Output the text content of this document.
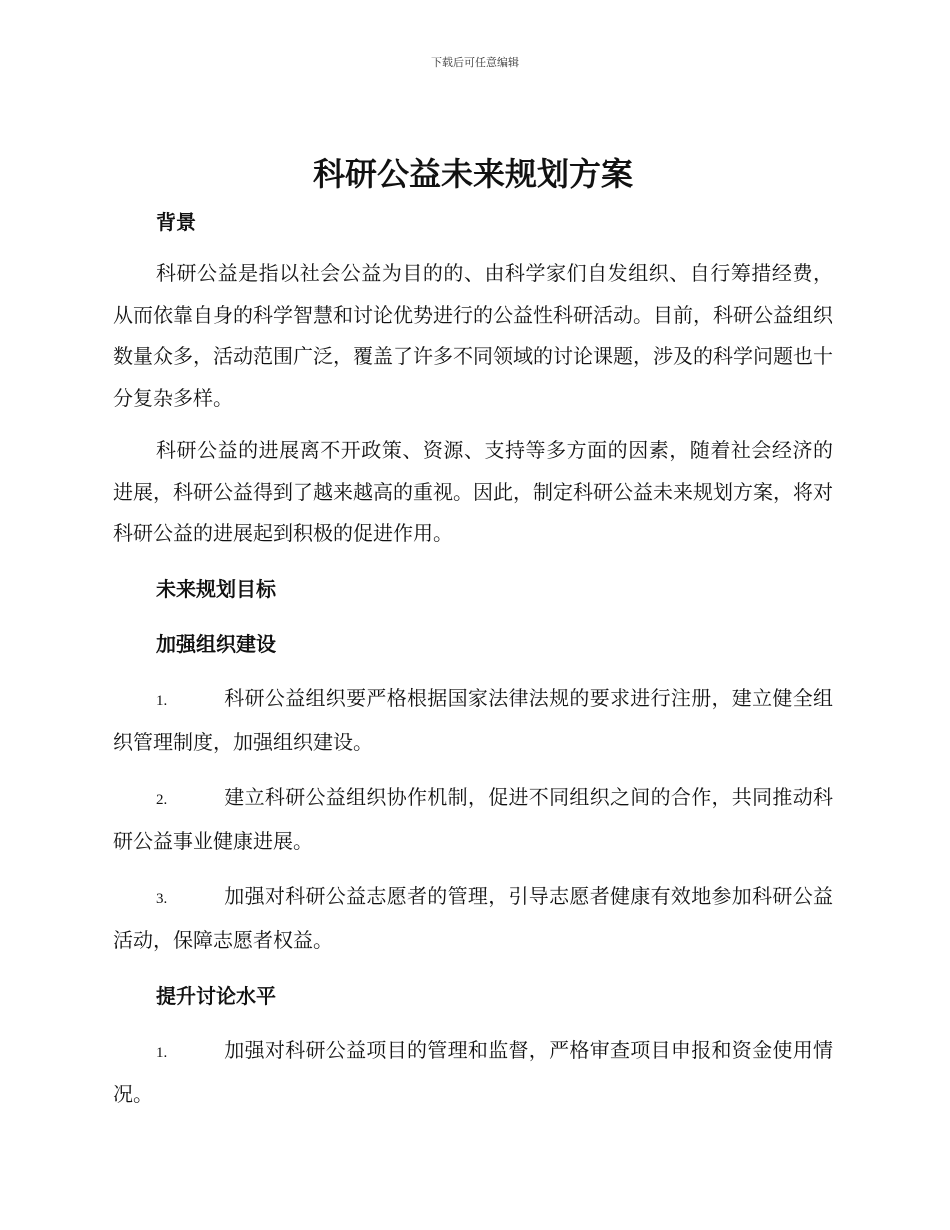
下载后可任意编辑
科研公益未来规划方案

背景

科研公益是指以社会公益为目的的、由科学家们自发组织、自行筹措经费，从而依靠自身的科学智慧和讨论优势进行的公益性科研活动。目前，科研公益组织数量众多，活动范围广泛，覆盖了许多不同领域的讨论课题，涉及的科学问题也十分复杂多样。

科研公益的进展离不开政策、资源、支持等多方面的因素，随着社会经济的进展，科研公益得到了越来越高的重视。因此，制定科研公益未来规划方案，将对科研公益的进展起到积极的促进作用。

未来规划目标

加强组织建设

1.	科研公益组织要严格根据国家法律法规的要求进行注册，建立健全组织管理制度，加强组织建设。
2.	建立科研公益组织协作机制，促进不同组织之间的合作，共同推动科研公益事业健康进展。
3.	加强对科研公益志愿者的管理，引导志愿者健康有效地参加科研公益活动，保障志愿者权益。

提升讨论水平

1.	加强对科研公益项目的管理和监督，严格审查项目申报和资金使用情况。
